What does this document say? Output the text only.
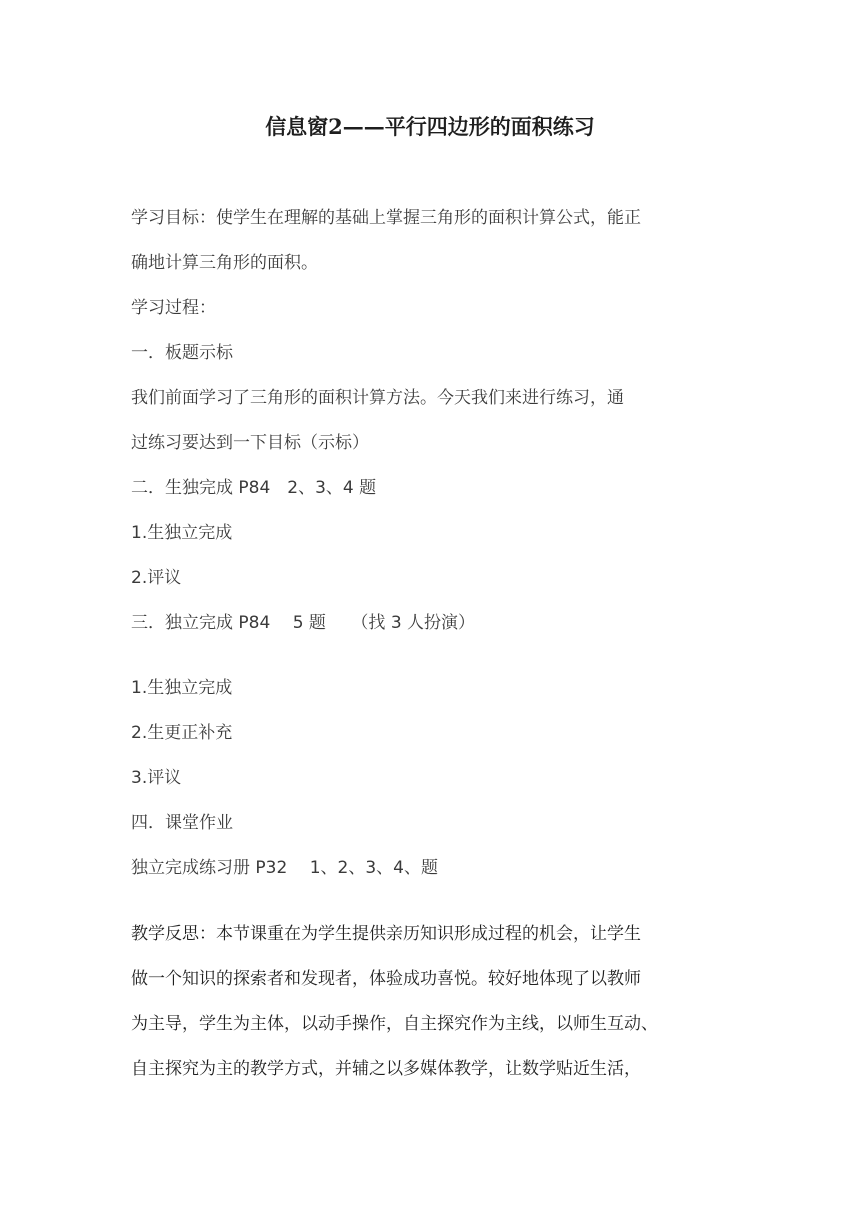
信息窗2——平行四边形的面积练习
学习目标：使学生在理解的基础上掌握三角形的面积计算公式，能正
确地计算三角形的面积。
学习过程：
一．板题示标
我们前面学习了三角形的面积计算方法。今天我们来进行练习，通
过练习要达到一下目标（示标）
二．生独完成 P84　2、3、4 题
1.生独立完成
2.评议
三．独立完成 P84　 5 题　　（找 3 人扮演）
1.生独立完成
2.生更正补充
3.评议
四．课堂作业
独立完成练习册 P32　 1、2、3、4、题
教学反思：本节课重在为学生提供亲历知识形成过程的机会，让学生
做一个知识的探索者和发现者，体验成功喜悦。较好地体现了以教师
为主导，学生为主体，以动手操作，自主探究作为主线，以师生互动、
自主探究为主的教学方式，并辅之以多媒体教学，让数学贴近生活，
